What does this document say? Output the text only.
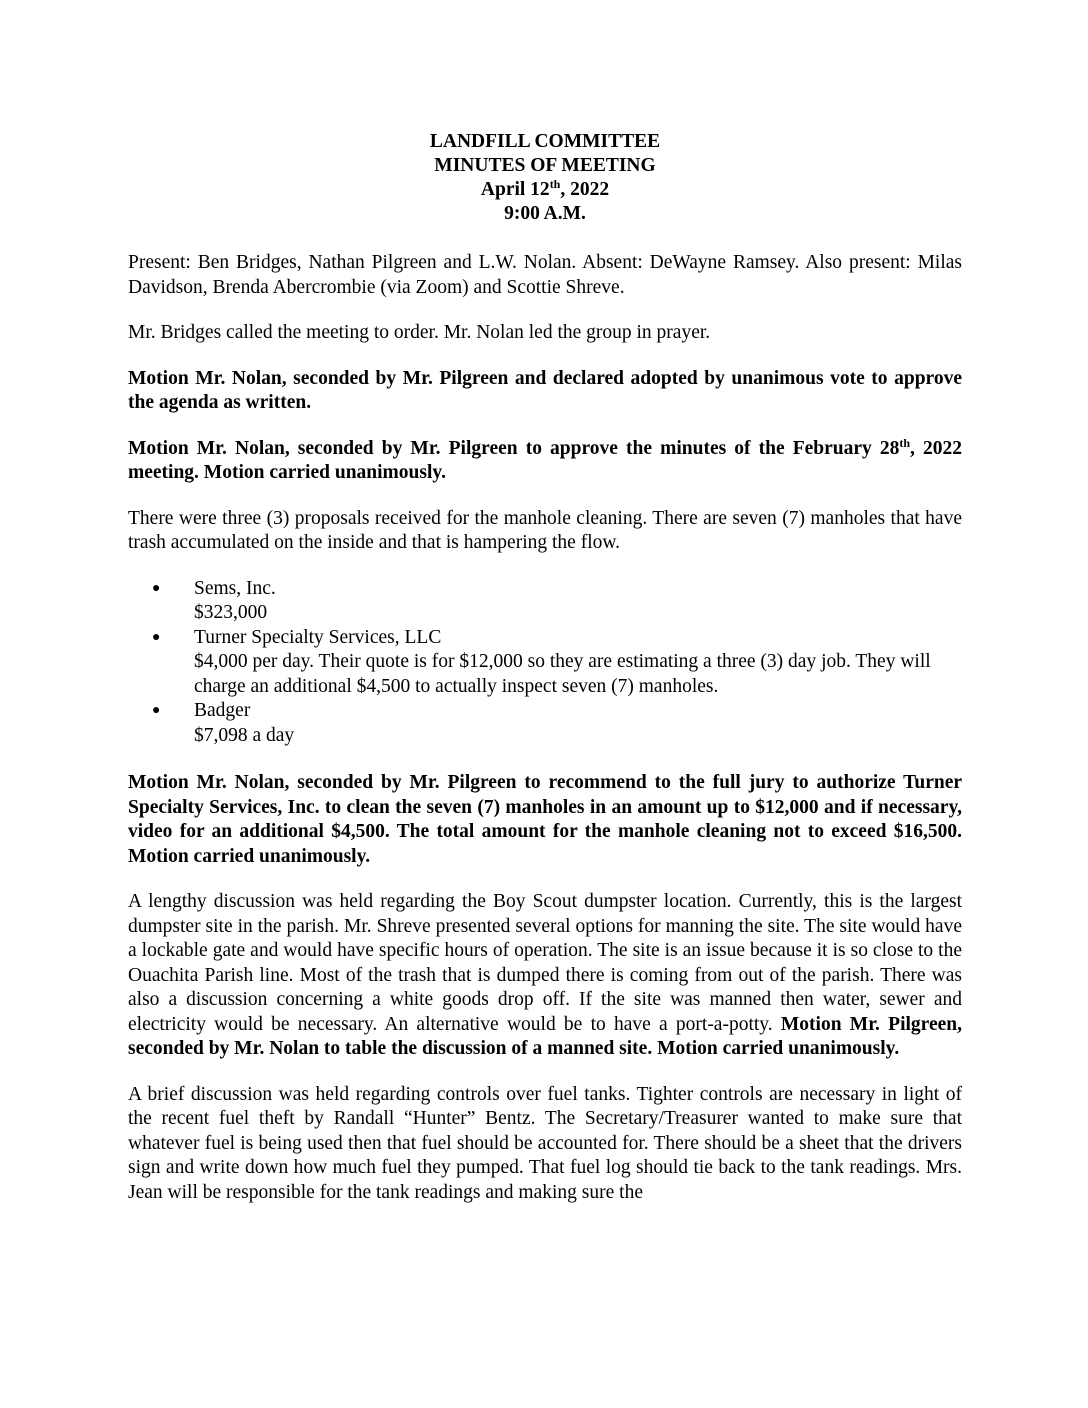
LANDFILL COMMITTEE
MINUTES OF MEETING
April 12th, 2022
9:00 A.M.

Present: Ben Bridges, Nathan Pilgreen and L.W. Nolan. Absent: DeWayne Ramsey. Also present: Milas Davidson, Brenda Abercrombie (via Zoom) and Scottie Shreve.

Mr. Bridges called the meeting to order. Mr. Nolan led the group in prayer.

Motion Mr. Nolan, seconded by Mr. Pilgreen and declared adopted by unanimous vote to approve the agenda as written.

Motion Mr. Nolan, seconded by Mr. Pilgreen to approve the minutes of the February 28th, 2022 meeting. Motion carried unanimously.

There were three (3) proposals received for the manhole cleaning. There are seven (7) manholes that have trash accumulated on the inside and that is hampering the flow.

● Sems, Inc.
$323,000
● Turner Specialty Services, LLC
$4,000 per day. Their quote is for $12,000 so they are estimating a three (3) day job. They will charge an additional $4,500 to actually inspect seven (7) manholes.
● Badger
$7,098 a day

Motion Mr. Nolan, seconded by Mr. Pilgreen to recommend to the full jury to authorize Turner Specialty Services, Inc. to clean the seven (7) manholes in an amount up to $12,000 and if necessary, video for an additional $4,500. The total amount for the manhole cleaning not to exceed $16,500. Motion carried unanimously.

A lengthy discussion was held regarding the Boy Scout dumpster location. Currently, this is the largest dumpster site in the parish. Mr. Shreve presented several options for manning the site. The site would have a lockable gate and would have specific hours of operation. The site is an issue because it is so close to the Ouachita Parish line. Most of the trash that is dumped there is coming from out of the parish. There was also a discussion concerning a white goods drop off. If the site was manned then water, sewer and electricity would be necessary. An alternative would be to have a port-a-potty. Motion Mr. Pilgreen, seconded by Mr. Nolan to table the discussion of a manned site. Motion carried unanimously.

A brief discussion was held regarding controls over fuel tanks. Tighter controls are necessary in light of the recent fuel theft by Randall “Hunter” Bentz. The Secretary/Treasurer wanted to make sure that whatever fuel is being used then that fuel should be accounted for. There should be a sheet that the drivers sign and write down how much fuel they pumped. That fuel log should tie back to the tank readings. Mrs. Jean will be responsible for the tank readings and making sure the
